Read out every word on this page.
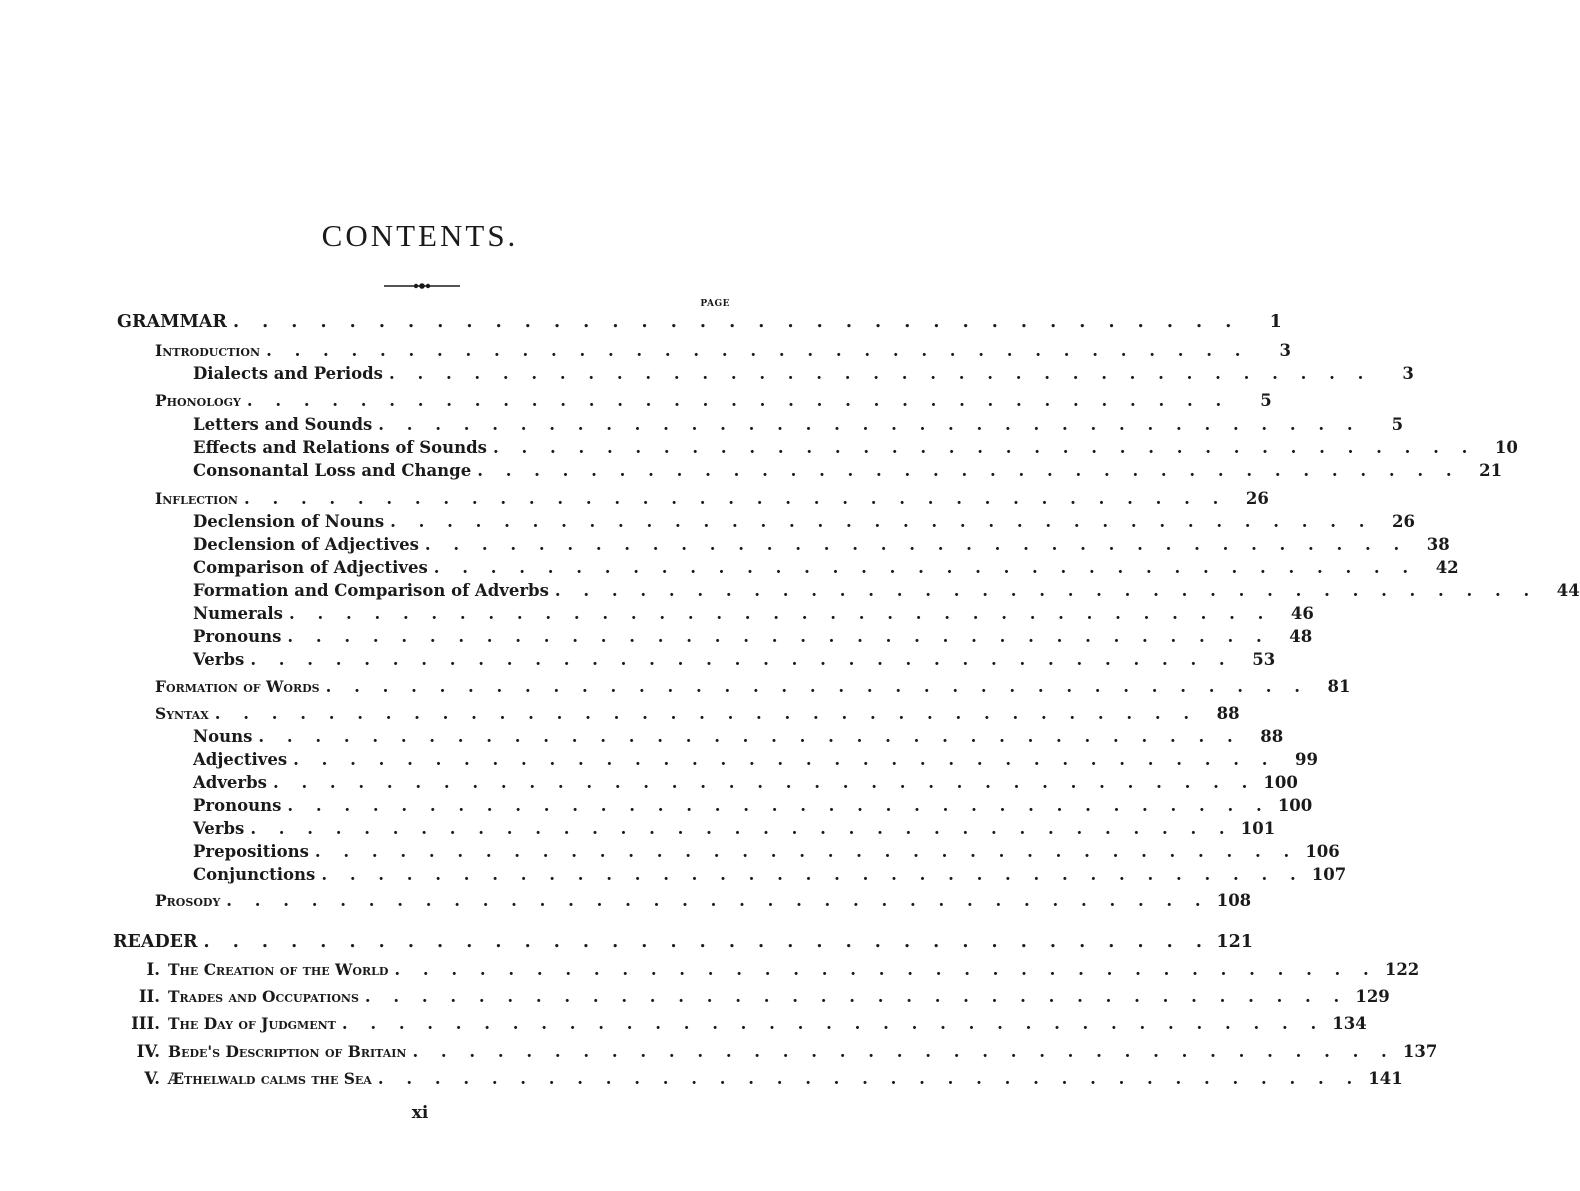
CONTENTS.
PAGE
GRAMMAR . . . . . . . . . . . . . . . . . . . . . . . . . . . . . . . . . . .	1
Introduction . . . . . . . . . . . . . . . . . . . . . . . . . . . . . . . . . . .	3
Dialects and Periods . . . . . . . . . . . . . . . . . . . . . . . . . . . . . . . . . . .	3
Phonology . . . . . . . . . . . . . . . . . . . . . . . . . . . . . . . . . . .	5
Letters and Sounds . . . . . . . . . . . . . . . . . . . . . . . . . . . . . . . . . . .	5
Effects and Relations of Sounds . . . . . . . . . . . . . . . . . . . . . . . . . . . . . . . . . . .	10
Consonantal Loss and Change . . . . . . . . . . . . . . . . . . . . . . . . . . . . . . . . . . .	21
Inflection . . . . . . . . . . . . . . . . . . . . . . . . . . . . . . . . . . .	26
Declension of Nouns . . . . . . . . . . . . . . . . . . . . . . . . . . . . . . . . . . .	26
Declension of Adjectives . . . . . . . . . . . . . . . . . . . . . . . . . . . . . . . . . . .	38
Comparison of Adjectives . . . . . . . . . . . . . . . . . . . . . . . . . . . . . . . . . . .	42
Formation and Comparison of Adverbs . . . . . . . . . . . . . . . . . . . . . . . . . . . . . . . . . . .	44
Numerals . . . . . . . . . . . . . . . . . . . . . . . . . . . . . . . . . . .	46
Pronouns . . . . . . . . . . . . . . . . . . . . . . . . . . . . . . . . . . .	48
Verbs . . . . . . . . . . . . . . . . . . . . . . . . . . . . . . . . . . .	53
Formation of Words . . . . . . . . . . . . . . . . . . . . . . . . . . . . . . . . . . .	81
Syntax . . . . . . . . . . . . . . . . . . . . . . . . . . . . . . . . . . .	88
Nouns . . . . . . . . . . . . . . . . . . . . . . . . . . . . . . . . . . .	88
Adjectives . . . . . . . . . . . . . . . . . . . . . . . . . . . . . . . . . . .	99
Adverbs . . . . . . . . . . . . . . . . . . . . . . . . . . . . . . . . . . . 100
Pronouns . . . . . . . . . . . . . . . . . . . . . . . . . . . . . . . . . . . 100
Verbs . . . . . . . . . . . . . . . . . . . . . . . . . . . . . . . . . . . 101
Prepositions . . . . . . . . . . . . . . . . . . . . . . . . . . . . . . . . . . . 106
Conjunctions . . . . . . . . . . . . . . . . . . . . . . . . . . . . . . . . . . . 107
Prosody . . . . . . . . . . . . . . . . . . . . . . . . . . . . . . . . . . . 108
READER . . . . . . . . . . . . . . . . . . . . . . . . . . . . . . . . . . . 121
I. The Creation of the World . . . . . . . . . . . . . . . . . . . . . . . . . . . . . . . . . . . 122
II. Trades and Occupations . . . . . . . . . . . . . . . . . . . . . . . . . . . . . . . . . . . 129
III. The Day of Judgment . . . . . . . . . . . . . . . . . . . . . . . . . . . . . . . . . . . 134
IV. Bede's Description of Britain . . . . . . . . . . . . . . . . . . . . . . . . . . . . . . . . . . . 137
V. Æthelwald calms the Sea . . . . . . . . . . . . . . . . . . . . . . . . . . . . . . . . . . . 141
xi
